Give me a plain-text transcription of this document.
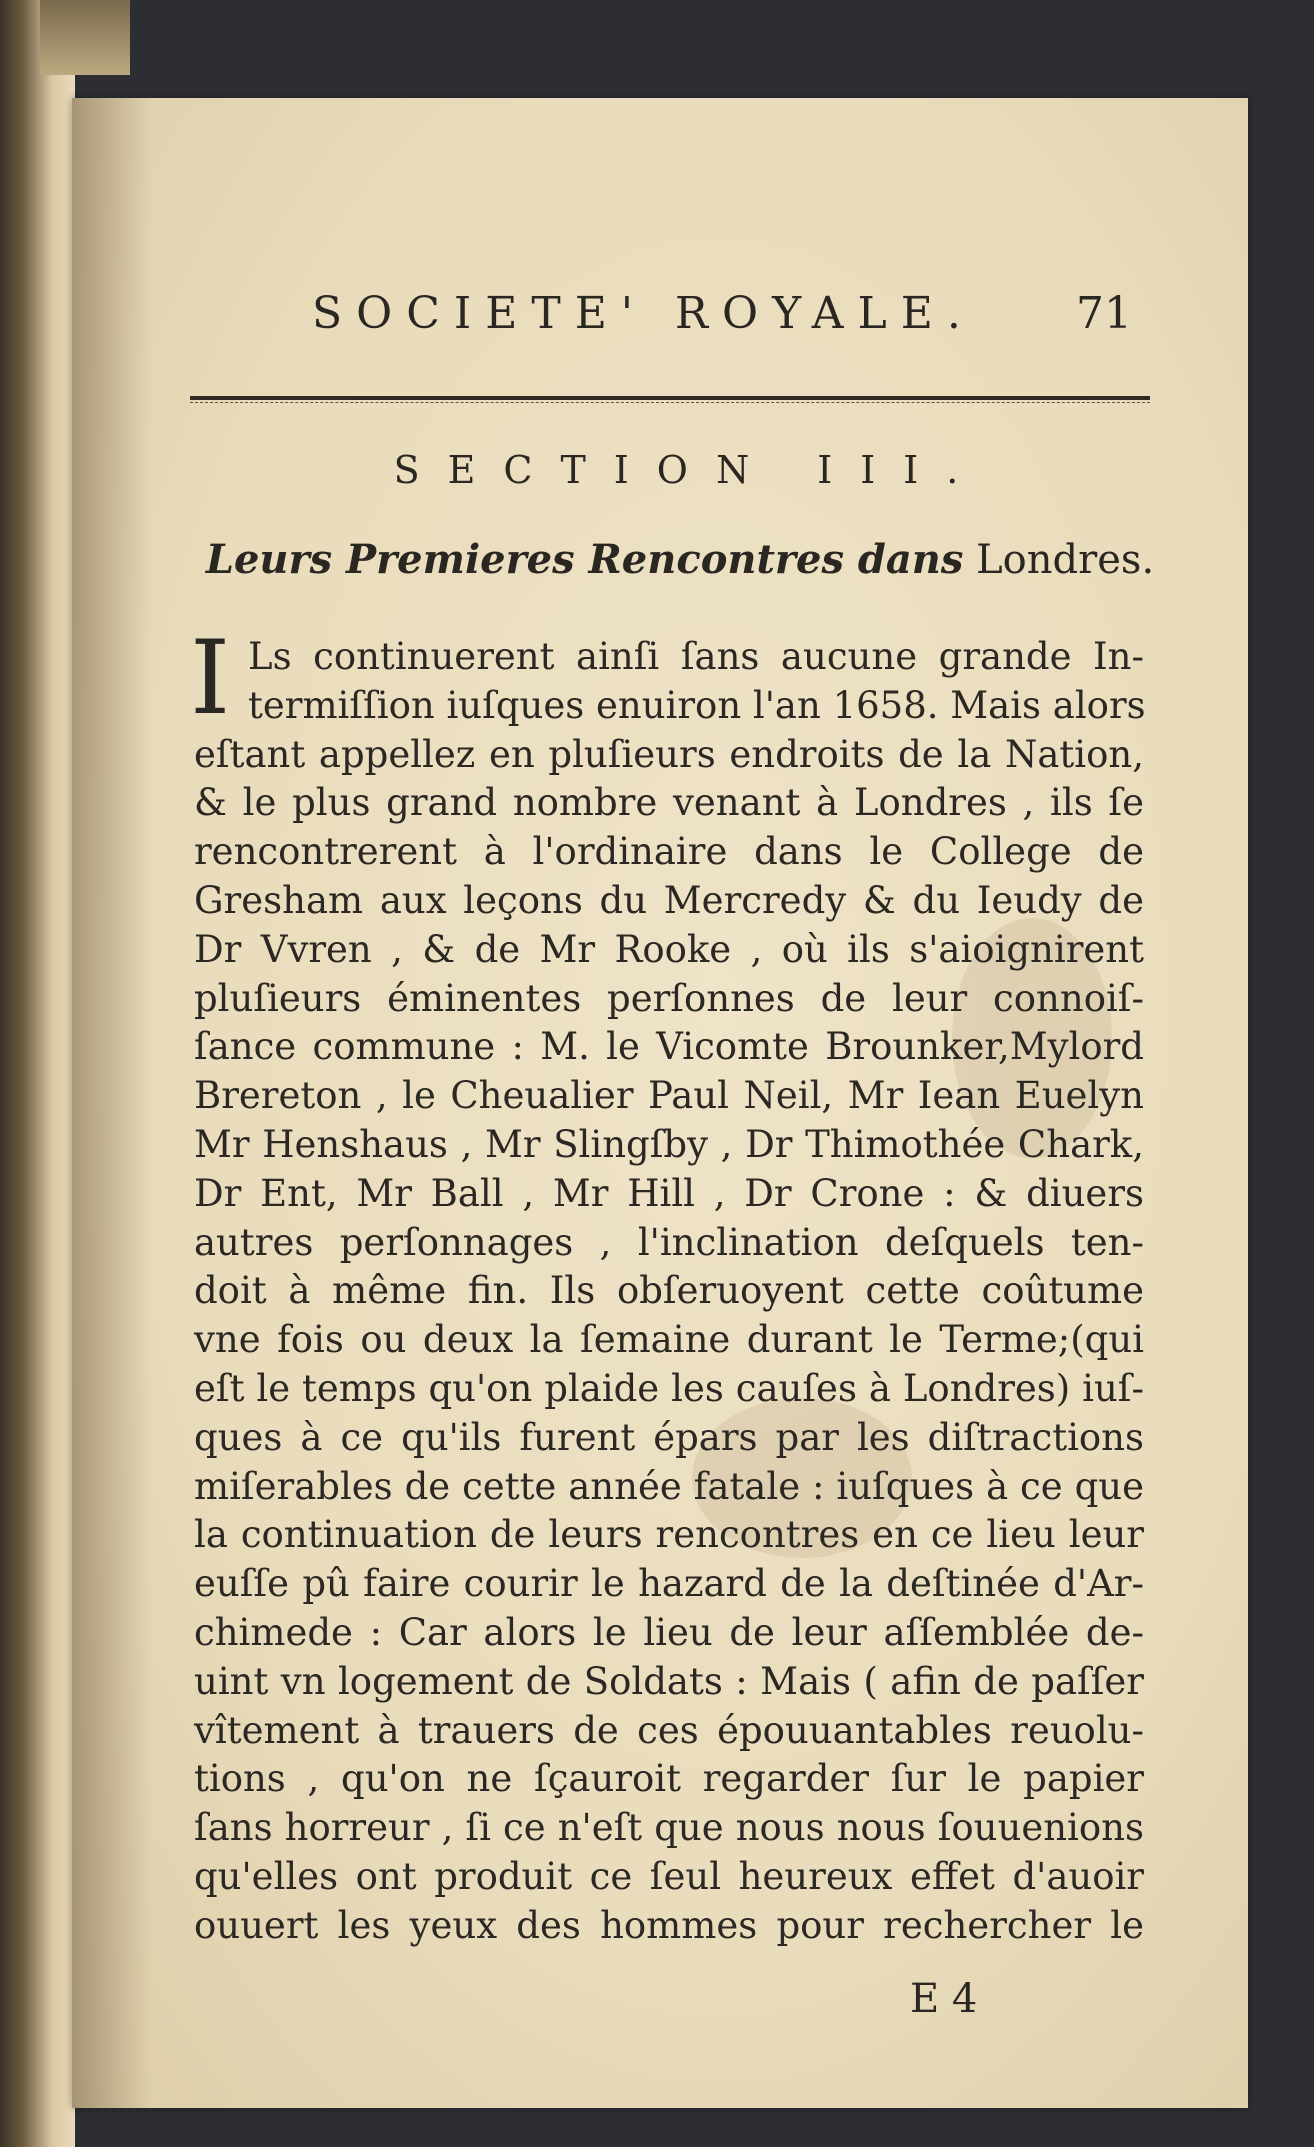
SOCIETE' ROYALE. 71
SECTION III.
Leurs Premieres Rencontres dans Londres.
I Ls continuerent ainſi ſans aucune grande In-
termiſſion iuſques enuiron l'an 1658. Mais alors
eſtant appellez en pluſieurs endroits de la Nation,
& le plus grand nombre venant à Londres , ils ſe
rencontrerent à l'ordinaire dans le College de
Gresham aux leçons du Mercredy & du Ieudy de
Dr Vvren , & de Mr Rooke , où ils s'aioignirent
pluſieurs éminentes perſonnes de leur connoiſ-
ſance commune : M. le Vicomte Brounker,Mylord
Brereton , le Cheualier Paul Neil, Mr Iean Euelyn
Mr Henshaus , Mr Slingſby , Dr Thimothée Chark,
Dr Ent, Mr Ball , Mr Hill , Dr Crone : & diuers
autres perſonnages , l'inclination deſquels ten-
doit à même fin. Ils obſeruoyent cette coûtume
vne fois ou deux la ſemaine durant le Terme;(qui
eſt le temps qu'on plaide les cauſes à Londres) iuſ-
ques à ce qu'ils furent épars par les diſtractions
miſerables de cette année fatale : iuſques à ce que
la continuation de leurs rencontres en ce lieu leur
euſſe pû faire courir le hazard de la deſtinée d'Ar-
chimede : Car alors le lieu de leur aſſemblée de-
uint vn logement de Soldats : Mais ( afin de paſſer
vîtement à trauers de ces épouuantables reuolu-
tions , qu'on ne ſçauroit regarder ſur le papier
ſans horreur , ſi ce n'eſt que nous nous ſouuenions
qu'elles ont produit ce ſeul heureux effet d'auoir
ouuert les yeux des hommes pour rechercher le
E 4
